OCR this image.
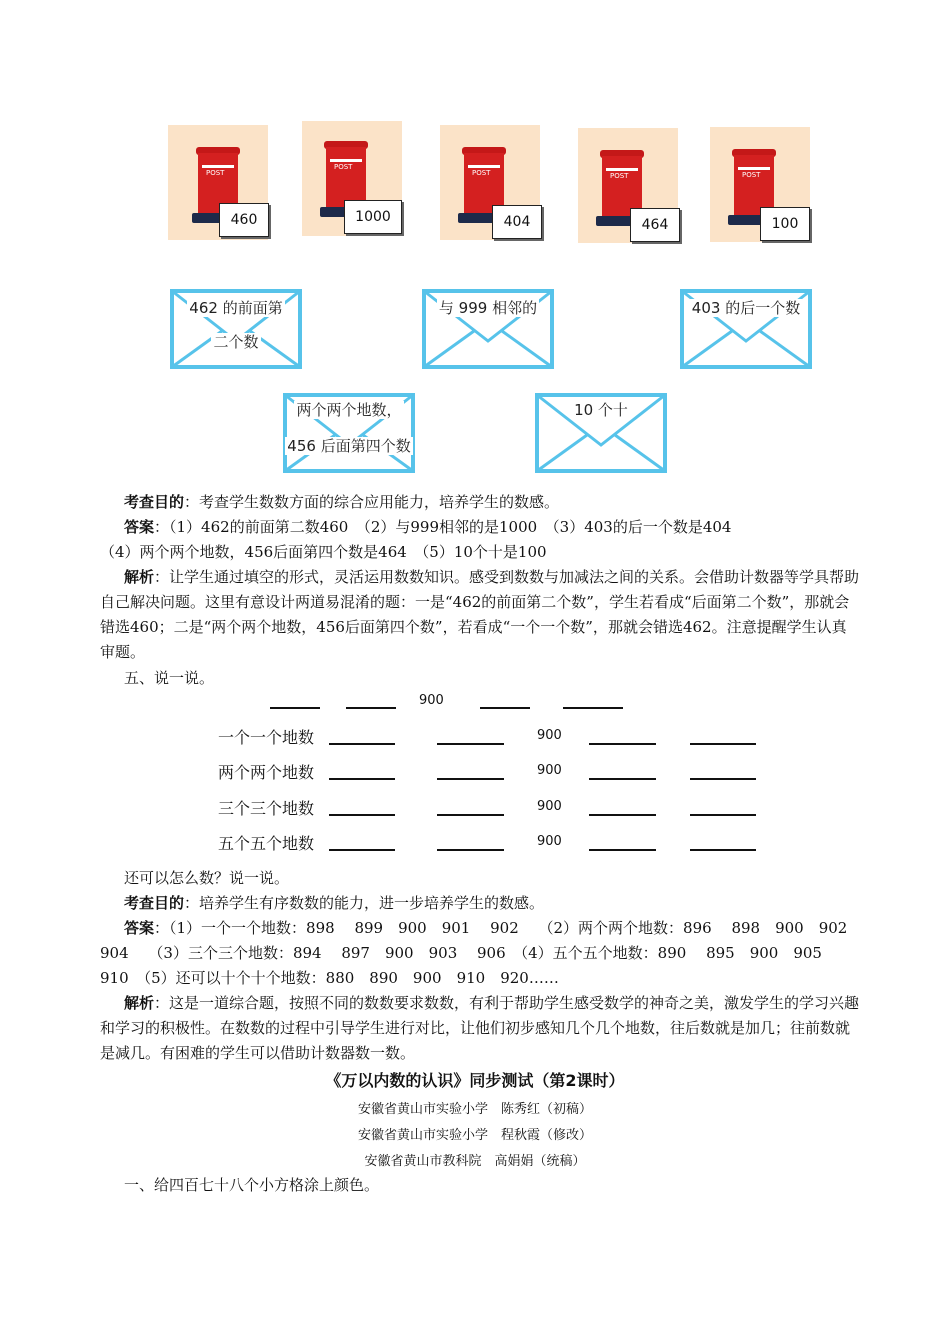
POST
460
POST
1000
POST
404
POST
464
POST
100
462 的前面第
二个数
与 999 相邻的	403 的后一个数
两个两个地数，
456 后面第四个数
10 个十
考查目的：考查学生数数方面的综合应用能力，培养学生的数感。
答案：（1）462的前面第二数460　（2）与999相邻的是1000　（3）403的后一个数是404
（4）两个两个地数，456后面第四个数是464　（5）10个十是100
解析：让学生通过填空的形式，灵活运用数数知识。感受到数数与加减法之间的关系。会借助计数器等学具帮助自己解决问题。这里有意设计两道易混淆的题：一是“462的前面第二个数”，学生若看成“后面第二个数”，那就会错选460；二是“两个两个地数，456后面第四个数”，若看成“一个一个数”，那就会错选462。注意提醒学生认真审题。
五、说一说。
900
一个一个地数	900
两个两个地数	900
三个三个地数	900
五个五个地数	900
还可以怎么数？说一说。
考查目的：培养学生有序数数的能力，进一步培养学生的数感。
答案：（1）一个一个地数：898　 899　900　901　 902　 （2）两个两个地数：896　 898　900　902　 904　 （3）三个三个地数：894　 897　900　903　 906　（4）五个五个地数：890　 895　900　905　 910　（5）还可以十个十个地数：880　890　900　910　920……
解析：这是一道综合题，按照不同的数数要求数数，有利于帮助学生感受数学的神奇之美，激发学生的学习兴趣和学习的积极性。在数数的过程中引导学生进行对比，让他们初步感知几个几个地数，往后数就是加几；往前数就是减几。有困难的学生可以借助计数器数一数。
《万以内数的认识》同步测试（第2课时）
安徽省黄山市实验小学　陈秀红（初稿）
安徽省黄山市实验小学　程秋霞（修改）
安徽省黄山市教科院　高娟娟（统稿）
一、给四百七十八个小方格涂上颜色。
